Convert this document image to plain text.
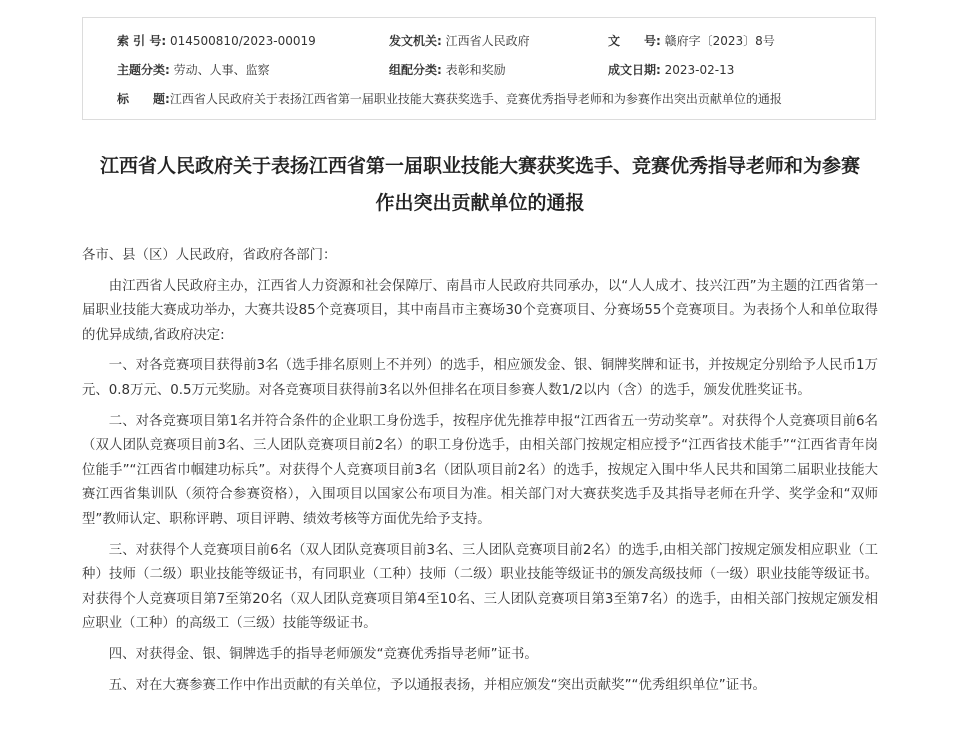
索 引 号: 014500810/2023-00019	发文机关: 江西省人民政府	文　　号: 赣府字〔2023〕8号
主题分类: 劳动、人事、监察	组配分类: 表彰和奖励	成文日期: 2023-02-13
标　　题:江西省人民政府关于表扬江西省第一届职业技能大赛获奖选手、竞赛优秀指导老师和为参赛作出突出贡献单位的通报
江西省人民政府关于表扬江西省第一届职业技能大赛获奖选手、竞赛优秀指导老师和为参赛
作出突出贡献单位的通报

各市、县（区）人民政府，省政府各部门：

由江西省人民政府主办，江西省人力资源和社会保障厅、南昌市人民政府共同承办，以“人人成才、技兴江西”为主题的江西省第一届职业技能大赛成功举办，大赛共设85个竞赛项目，其中南昌市主赛场30个竞赛项目、分赛场55个竞赛项目。为表扬个人和单位取得的优异成绩,省政府决定:

一、对各竞赛项目获得前3名（选手排名原则上不并列）的选手，相应颁发金、银、铜牌奖牌和证书，并按规定分别给予人民币1万元、0.8万元、0.5万元奖励。对各竞赛项目获得前3名以外但排名在项目参赛人数1/2以内（含）的选手，颁发优胜奖证书。

二、对各竞赛项目第1名并符合条件的企业职工身份选手，按程序优先推荐申报“江西省五一劳动奖章”。对获得个人竞赛项目前6名（双人团队竞赛项目前3名、三人团队竞赛项目前2名）的职工身份选手，由相关部门按规定相应授予“江西省技术能手”“江西省青年岗位能手”“江西省巾帼建功标兵”。对获得个人竞赛项目前3名（团队项目前2名）的选手，按规定入围中华人民共和国第二届职业技能大赛江西省集训队（须符合参赛资格），入围项目以国家公布项目为准。相关部门对大赛获奖选手及其指导老师在升学、奖学金和“双师型”教师认定、职称评聘、项目评聘、绩效考核等方面优先给予支持。

三、对获得个人竞赛项目前6名（双人团队竞赛项目前3名、三人团队竞赛项目前2名）的选手,由相关部门按规定颁发相应职业（工种）技师（二级）职业技能等级证书，有同职业（工种）技师（二级）职业技能等级证书的颁发高级技师（一级）职业技能等级证书。对获得个人竞赛项目第7至第20名（双人团队竞赛项目第4至10名、三人团队竞赛项目第3至第7名）的选手，由相关部门按规定颁发相应职业（工种）的高级工（三级）技能等级证书。

四、对获得金、银、铜牌选手的指导老师颁发“竞赛优秀指导老师”证书。

五、对在大赛参赛工作中作出贡献的有关单位，予以通报表扬，并相应颁发“突出贡献奖”“优秀组织单位”证书。
